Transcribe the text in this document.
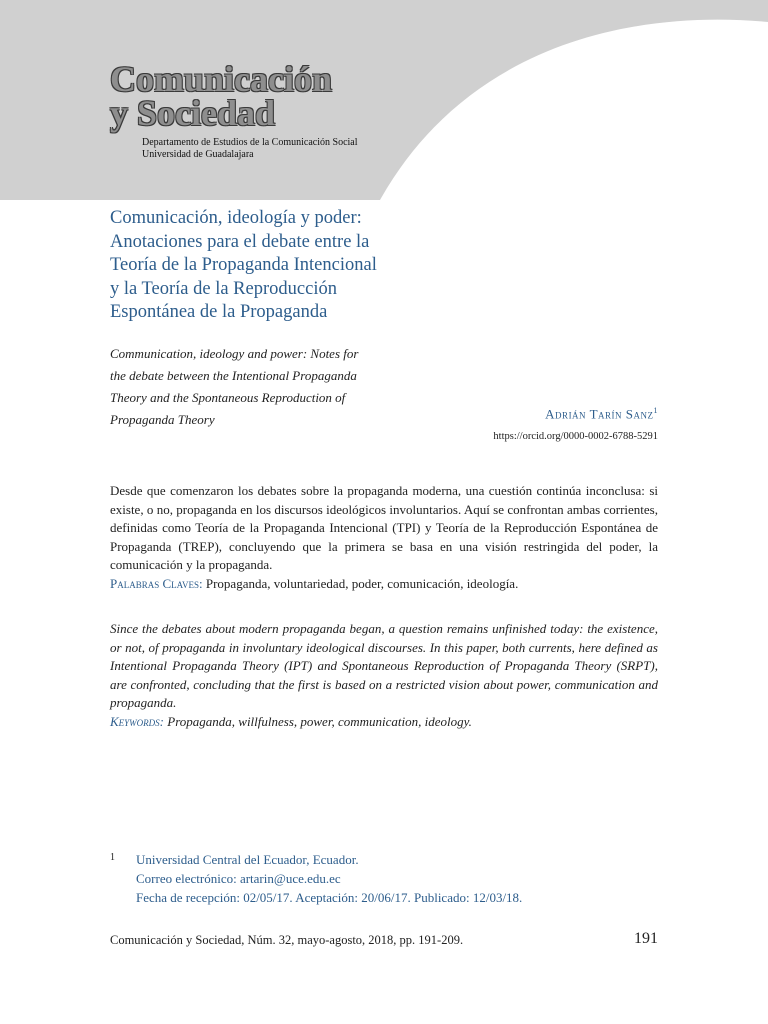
Comunicación
y Sociedad
Departamento de Estudios de la Comunicación Social
Universidad de Guadalajara
Comunicación, ideología y poder: Anotaciones para el debate entre la Teoría de la Propaganda Intencional y la Teoría de la Reproducción Espontánea de la Propaganda
Communication, ideology and power: Notes for the debate between the Intentional Propaganda Theory and the Spontaneous Reproduction of Propaganda Theory	Adrián Tarín Sanz$^1$
https://orcid.org/0000-0002-6788-5291

Desde que comenzaron los debates sobre la propaganda moderna, una cuestión continúa inconclusa: si existe, o no, propaganda en los discursos ideológicos involuntarios. Aquí se confrontan ambas corrientes, definidas como Teoría de la Propaganda Intencional (TPI) y Teoría de la Reproducción Espontánea de Propaganda (TREP), concluyendo que la primera se basa en una visión restringida del poder, la comunicación y la propaganda.
Palabras Claves: Propaganda, voluntariedad, poder, comunicación, ideología.

Since the debates about modern propaganda began, a question remains unfinished today: the existence, or not, of propaganda in involuntary ideological discourses. In this paper, both currents, here defined as Intentional Propaganda Theory (IPT) and Spontaneous Reproduction of Propaganda Theory (SRPT), are confronted, concluding that the first is based on a restricted vision about power, communication and propaganda.
Keywords: Propaganda, willfulness, power, communication, ideology.

1 Universidad Central del Ecuador, Ecuador.
Correo electrónico: artarin@uce.edu.ec
Fecha de recepción: 02/05/17. Aceptación: 20/06/17. Publicado: 12/03/18.
Comunicación y Sociedad, Núm. 32, mayo-agosto, 2018, pp. 191-209.	191
